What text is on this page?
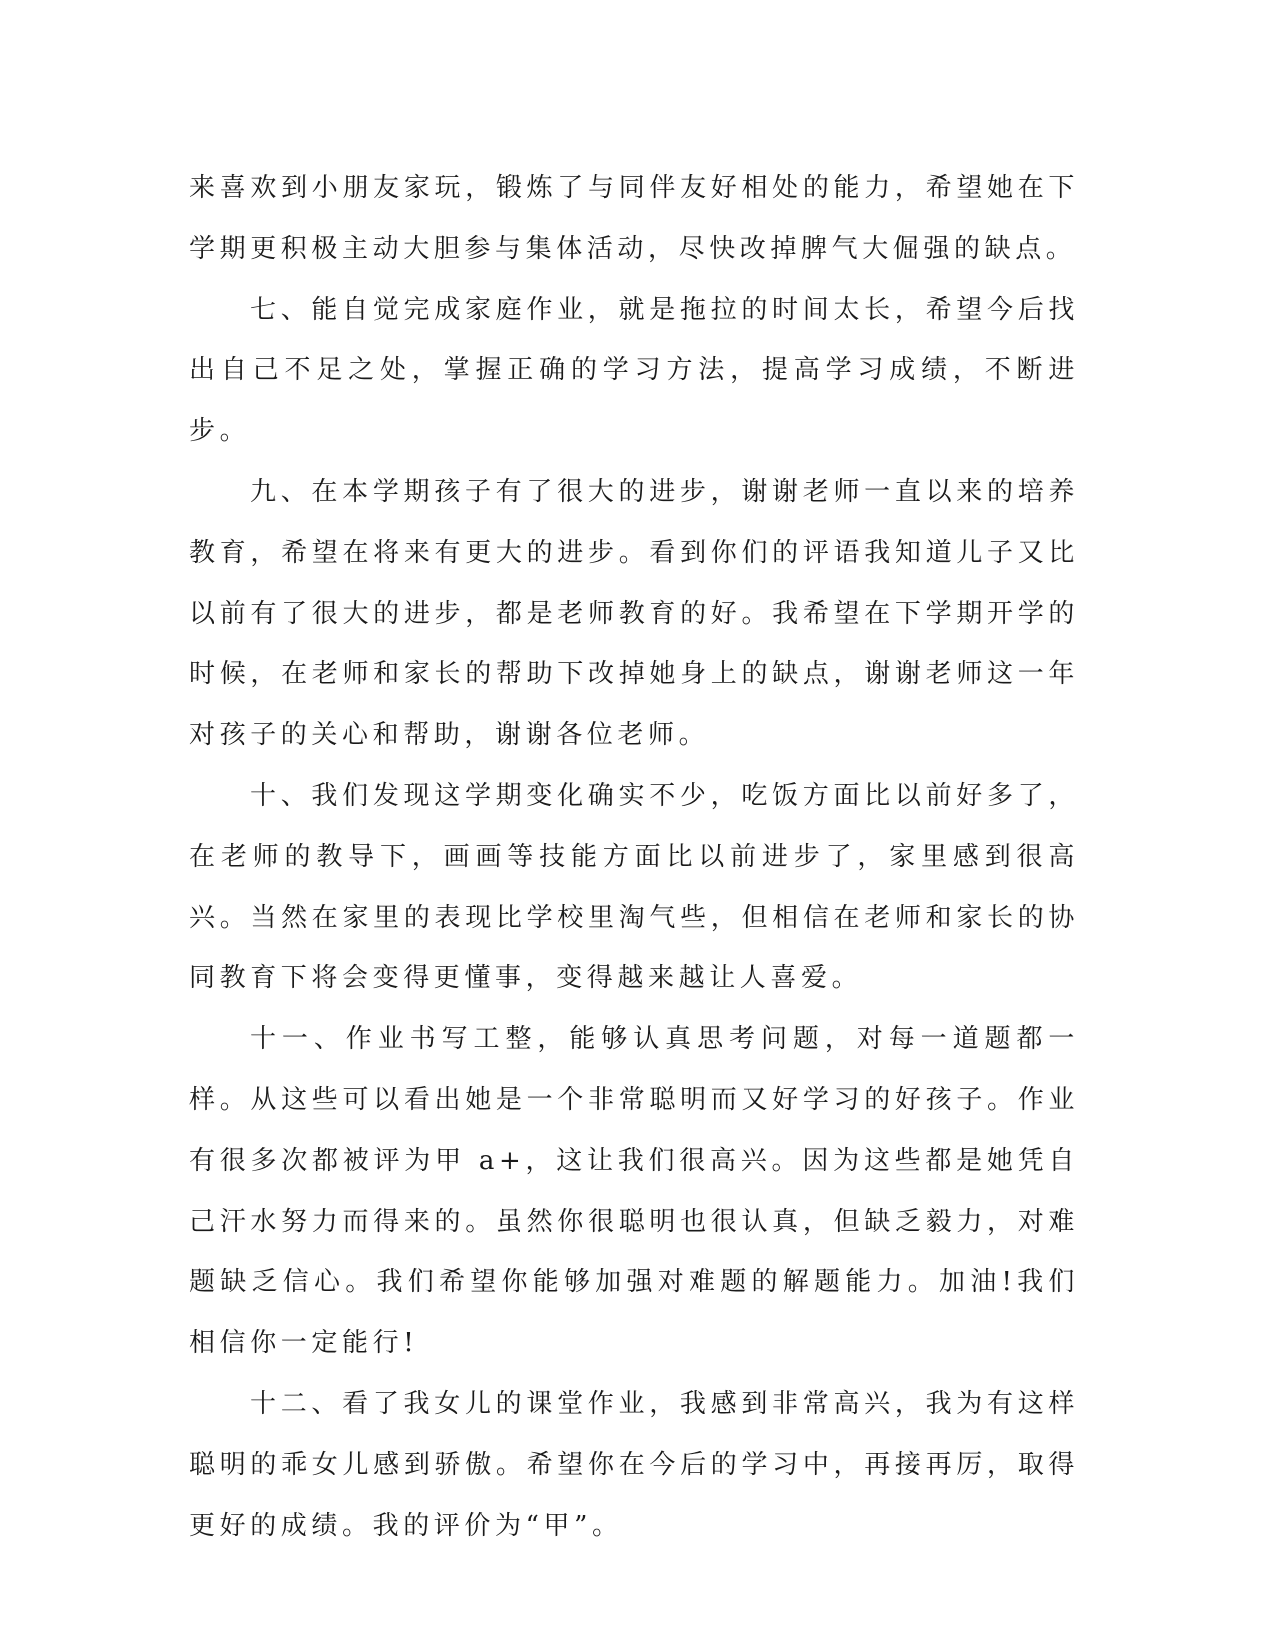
来喜欢到小朋友家玩，锻炼了与同伴友好相处的能力，希望她在下学期更积极主动大胆参与集体活动，尽快改掉脾气大倔强的缺点。

七、能自觉完成家庭作业，就是拖拉的时间太长，希望今后找出自己不足之处，掌握正确的学习方法，提高学习成绩，不断进步。

九、在本学期孩子有了很大的进步，谢谢老师一直以来的培养教育，希望在将来有更大的进步。看到你们的评语我知道儿子又比以前有了很大的进步，都是老师教育的好。我希望在下学期开学的时候，在老师和家长的帮助下改掉她身上的缺点，谢谢老师这一年对孩子的关心和帮助，谢谢各位老师。

十、我们发现这学期变化确实不少，吃饭方面比以前好多了，在老师的教导下，画画等技能方面比以前进步了，家里感到很高兴。当然在家里的表现比学校里淘气些，但相信在老师和家长的协同教育下将会变得更懂事，变得越来越让人喜爱。

十一、作业书写工整，能够认真思考问题，对每一道题都一样。从这些可以看出她是一个非常聪明而又好学习的好孩子。作业有很多次都被评为甲 a+，这让我们很高兴。因为这些都是她凭自己汗水努力而得来的。虽然你很聪明也很认真，但缺乏毅力，对难题缺乏信心。我们希望你能够加强对难题的解题能力。加油!我们相信你一定能行!

十二、看了我女儿的课堂作业，我感到非常高兴，我为有这样聪明的乖女儿感到骄傲。希望你在今后的学习中，再接再厉，取得更好的成绩。我的评价为“甲”。
